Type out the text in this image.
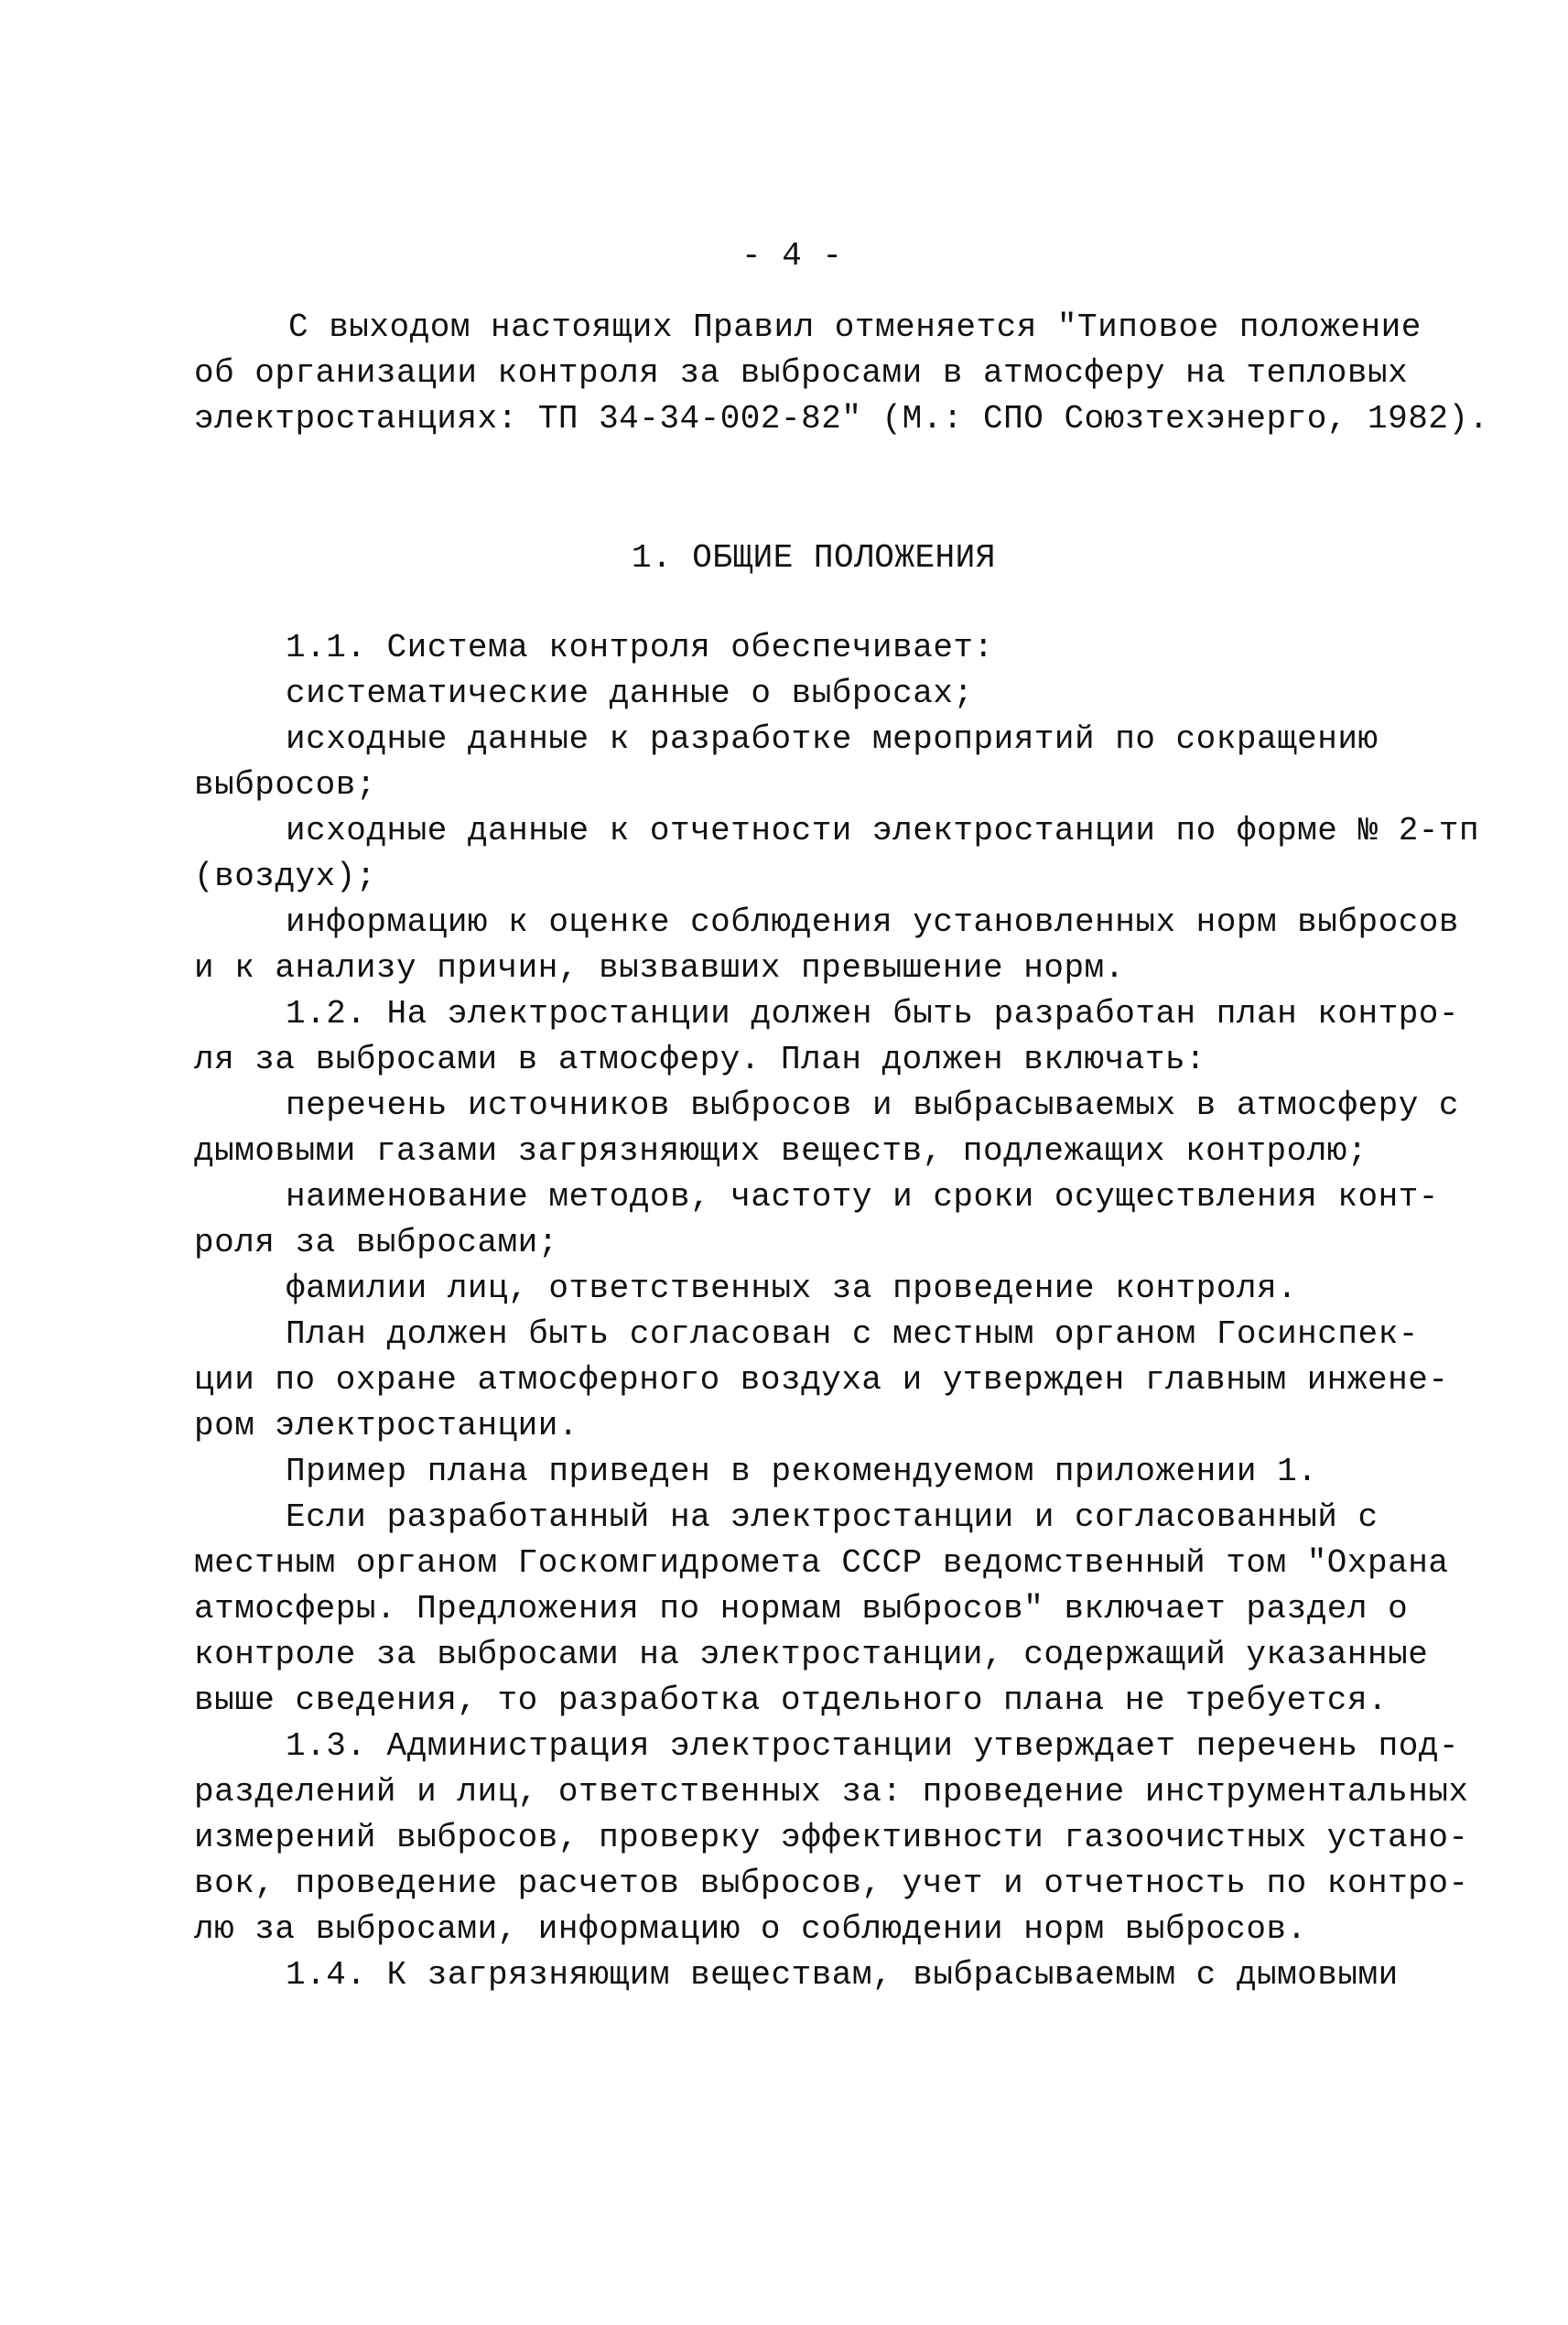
- 4 -
С выходом настоящих Правил отменяется "Типовое положение
об организации контроля за выбросами в атмосферу на тепловых
электростанциях: ТП 34-34-002-82" (М.: СПО Союзтехэнерго, 1982).
1. ОБЩИЕ ПОЛОЖЕНИЯ
1.1. Система контроля обеспечивает:
систематические данные о выбросах;
исходные данные к разработке мероприятий по сокращению
выбросов;
исходные данные к отчетности электростанции по форме № 2-тп
(воздух);
информацию к оценке соблюдения установленных норм выбросов
и к анализу причин, вызвавших превышение норм.
1.2. На электростанции должен быть разработан план контро-
ля за выбросами в атмосферу. План должен включать:
перечень источников выбросов и выбрасываемых в атмосферу с
дымовыми газами загрязняющих веществ, подлежащих контролю;
наименование методов, частоту и сроки осуществления конт-
роля за выбросами;
фамилии лиц, ответственных за проведение контроля.
План должен быть согласован с местным органом Госинспек-
ции по охране атмосферного воздуха и утвержден главным инжене-
ром электростанции.
Пример плана приведен в рекомендуемом приложении 1.
Если разработанный на электростанции и согласованный с
местным органом Госкомгидромета СССР ведомственный том "Охрана
атмосферы. Предложения по нормам выбросов" включает раздел о
контроле за выбросами на электростанции, содержащий указанные
выше сведения, то разработка отдельного плана не требуется.
1.3. Администрация электростанции утверждает перечень под-
разделений и лиц, ответственных за: проведение инструментальных
измерений выбросов, проверку эффективности газоочистных устано-
вок, проведение расчетов выбросов, учет и отчетность по контро-
лю за выбросами, информацию о соблюдении норм выбросов.
1.4. К загрязняющим веществам, выбрасываемым с дымовыми
